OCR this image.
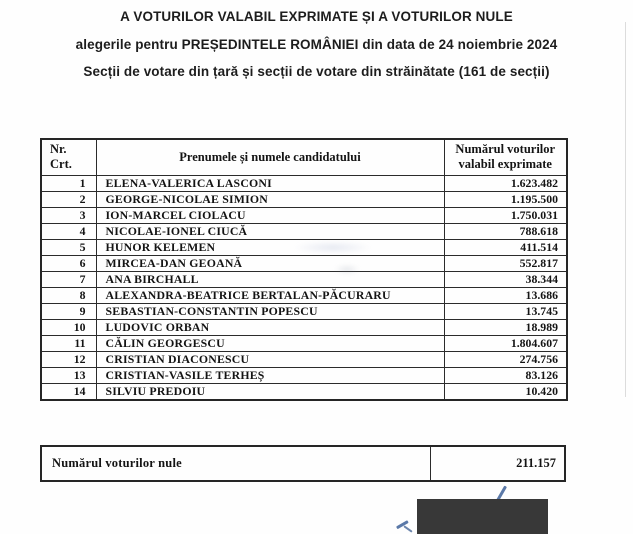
A VOTURILOR VALABIL EXPRIMATE ȘI A VOTURILOR NULE
alegerile pentru PREȘEDINTELE ROMÂNIEI din data de 24 noiembrie 2024
Secții de votare din țară și secții de votare din străinătate (161 de secții)
Nr.
Crt.	Prenumele și numele candidatului	Numărul voturilor
valabil exprimate
1	ELENA-VALERICA LASCONI	1.623.482
2	GEORGE-NICOLAE SIMION	1.195.500
3	ION-MARCEL CIOLACU	1.750.031
4	NICOLAE-IONEL CIUCĂ	788.618
5	HUNOR KELEMEN	411.514
6	MIRCEA-DAN GEOANĂ	552.817
7	ANA BIRCHALL	38.344
8	ALEXANDRA-BEATRICE BERTALAN-PĂCURARU	13.686
9	SEBASTIAN-CONSTANTIN POPESCU	13.745
10	LUDOVIC ORBAN	18.989
11	CĂLIN GEORGESCU	1.804.607
12	CRISTIAN DIACONESCU	274.756
13	CRISTIAN-VASILE TERHEȘ	83.126
14	SILVIU PREDOIU	10.420
Numărul voturilor nule	211.157
